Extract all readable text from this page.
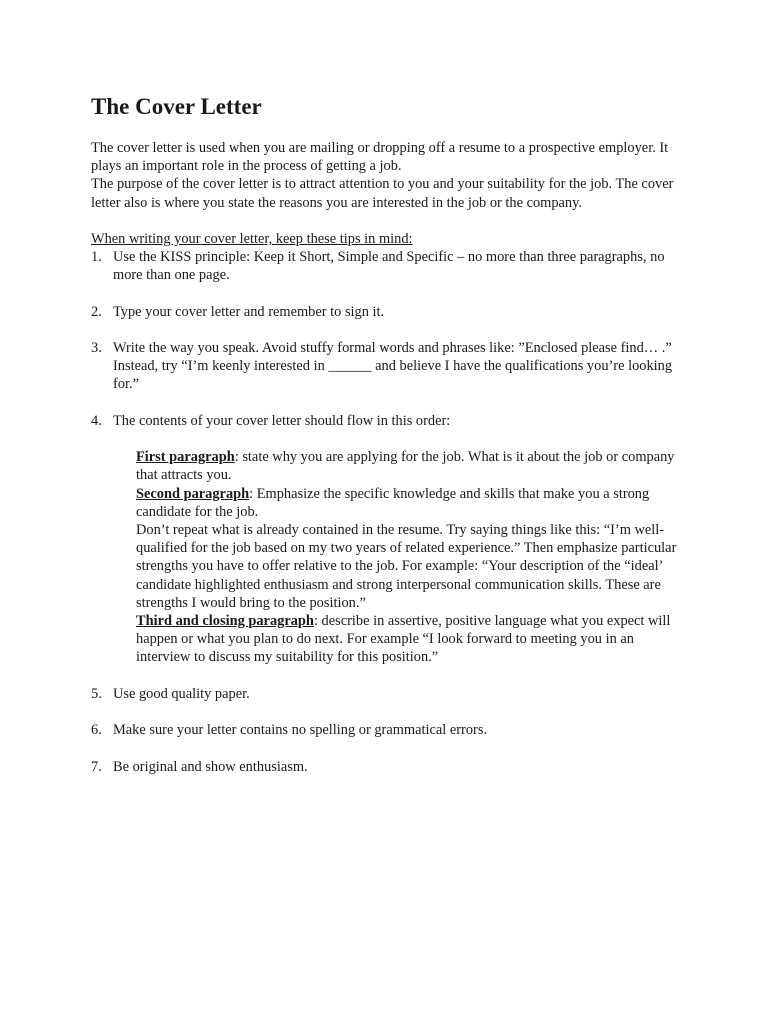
The Cover Letter

The cover letter is used when you are mailing or dropping off a resume to a prospective employer. It plays an important role in the process of getting a job.

The purpose of the cover letter is to attract attention to you and your suitability for the job. The cover letter also is where you state the reasons you are interested in the job or the company.

When writing your cover letter, keep these tips in mind:
1. Use the KISS principle: Keep it Short, Simple and Specific – no more than three paragraphs, no more than one page.
2. Type your cover letter and remember to sign it.
3. Write the way you speak. Avoid stuffy formal words and phrases like: ”Enclosed please find… .” Instead, try “I’m keenly interested in ______ and believe I have the qualifications you’re looking for.”
4. The contents of your cover letter should flow in this order:

First paragraph: state why you are applying for the job. What is it about the job or company that attracts you.

Second paragraph: Emphasize the specific knowledge and skills that make you a strong candidate for the job.

Don’t repeat what is already contained in the resume. Try saying things like this: “I’m well-qualified for the job based on my two years of related experience.” Then emphasize particular strengths you have to offer relative to the job. For example: “Your description of the “ideal’ candidate highlighted enthusiasm and strong interpersonal communication skills. These are strengths I would bring to the position.”

Third and closing paragraph: describe in assertive, positive language what you expect will happen or what you plan to do next. For example “I look forward to meeting you in an interview to discuss my suitability for this position.”

5. Use good quality paper.
6. Make sure your letter contains no spelling or grammatical errors.
7. Be original and show enthusiasm.
